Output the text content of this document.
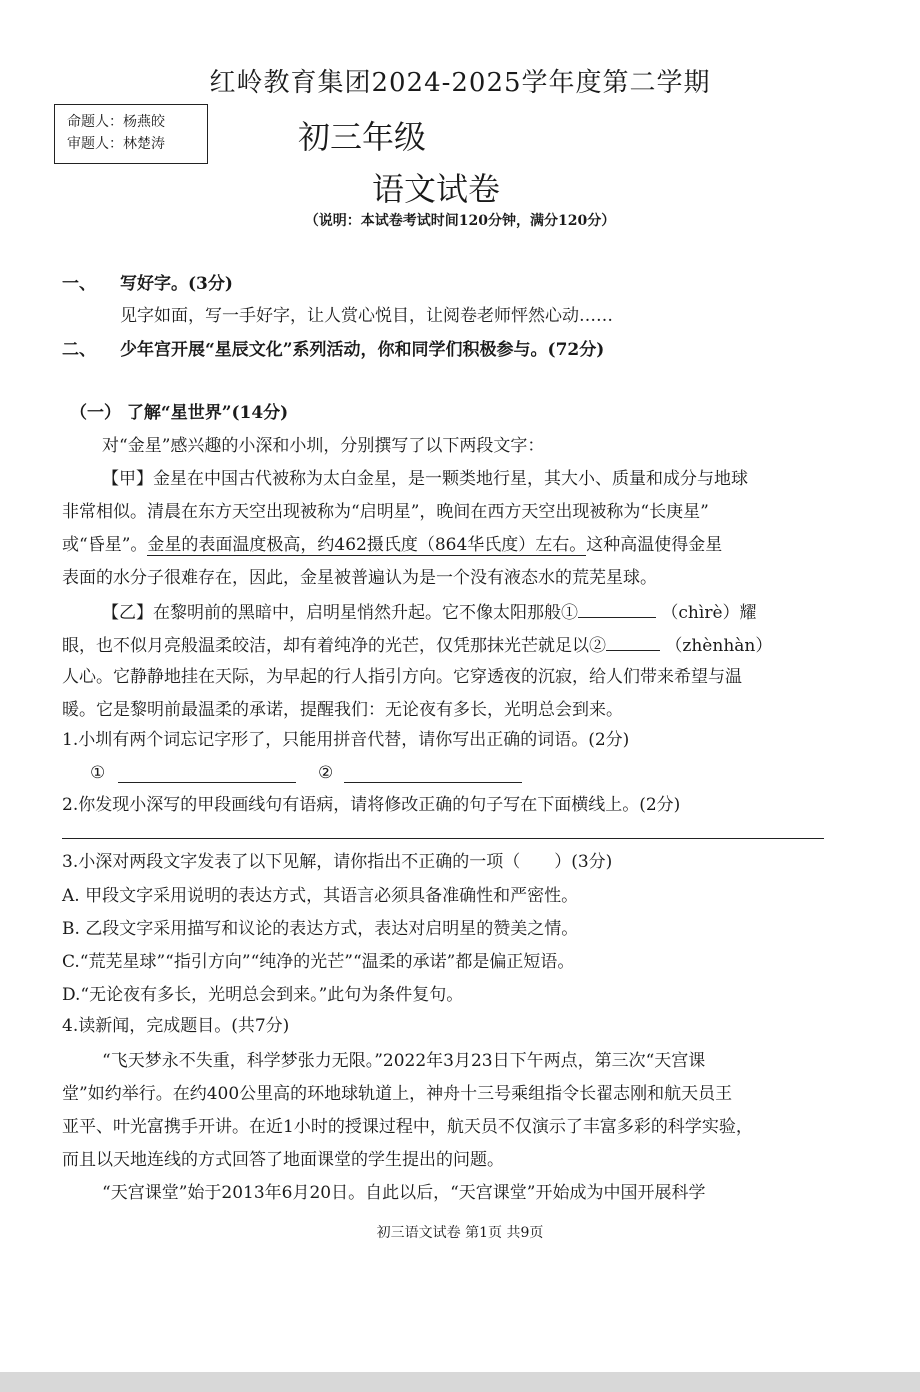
红岭教育集团2024-2025学年度第二学期
命题人：杨燕皎
审题人：林楚涛	初三年级
语文试卷
（说明：本试卷考试时间120分钟，满分120分）
一、 写好字。(3分)
见字如面，写一手好字，让人赏心悦目，让阅卷老师怦然心动……
二、 少年宫开展“星辰文化”系列活动，你和同学们积极参与。(72分)
（一） 了解“星世界”(14分)
对“金星”感兴趣的小深和小圳，分别撰写了以下两段文字：
【甲】金星在中国古代被称为太白金星，是一颗类地行星，其大小、质量和成分与地球
非常相似。清晨在东方天空出现被称为“启明星”，晚间在西方天空出现被称为“长庚星”
或“昏星”。金星的表面温度极高，约462摄氏度（864华氏度）左右。这种高温使得金星
表面的水分子很难存在，因此，金星被普遍认为是一个没有液态水的荒芜星球。
【乙】在黎明前的黑暗中，启明星悄然升起。它不像太阳那般①	（chìrè）耀
眼，也不似月亮般温柔皎洁，却有着纯净的光芒，仅凭那抹光芒就足以②	（zhènhàn）
人心。它静静地挂在天际，为早起的行人指引方向。它穿透夜的沉寂，给人们带来希望与温
暖。它是黎明前最温柔的承诺，提醒我们：无论夜有多长，光明总会到来。
1.小圳有两个词忘记字形了，只能用拼音代替，请你写出正确的词语。(2分)
①	②
2.你发现小深写的甲段画线句有语病，请将修改正确的句子写在下面横线上。(2分)
3.小深对两段文字发表了以下见解，请你指出不正确的一项（　　）(3分)
A. 甲段文字采用说明的表达方式，其语言必须具备准确性和严密性。
B. 乙段文字采用描写和议论的表达方式，表达对启明星的赞美之情。
C.“荒芜星球”“指引方向”“纯净的光芒”“温柔的承诺”都是偏正短语。
D.“无论夜有多长，光明总会到来。”此句为条件复句。
4.读新闻，完成题目。(共7分)
“飞天梦永不失重，科学梦张力无限。”2022年3月23日下午两点，第三次“天宫课
堂”如约举行。在约400公里高的环地球轨道上，神舟十三号乘组指令长翟志刚和航天员王
亚平、叶光富携手开讲。在近1小时的授课过程中，航天员不仅演示了丰富多彩的科学实验，
而且以天地连线的方式回答了地面课堂的学生提出的问题。
“天宫课堂”始于2013年6月20日。自此以后，“天宫课堂”开始成为中国开展科学
初三语文试卷 第1页 共9页
